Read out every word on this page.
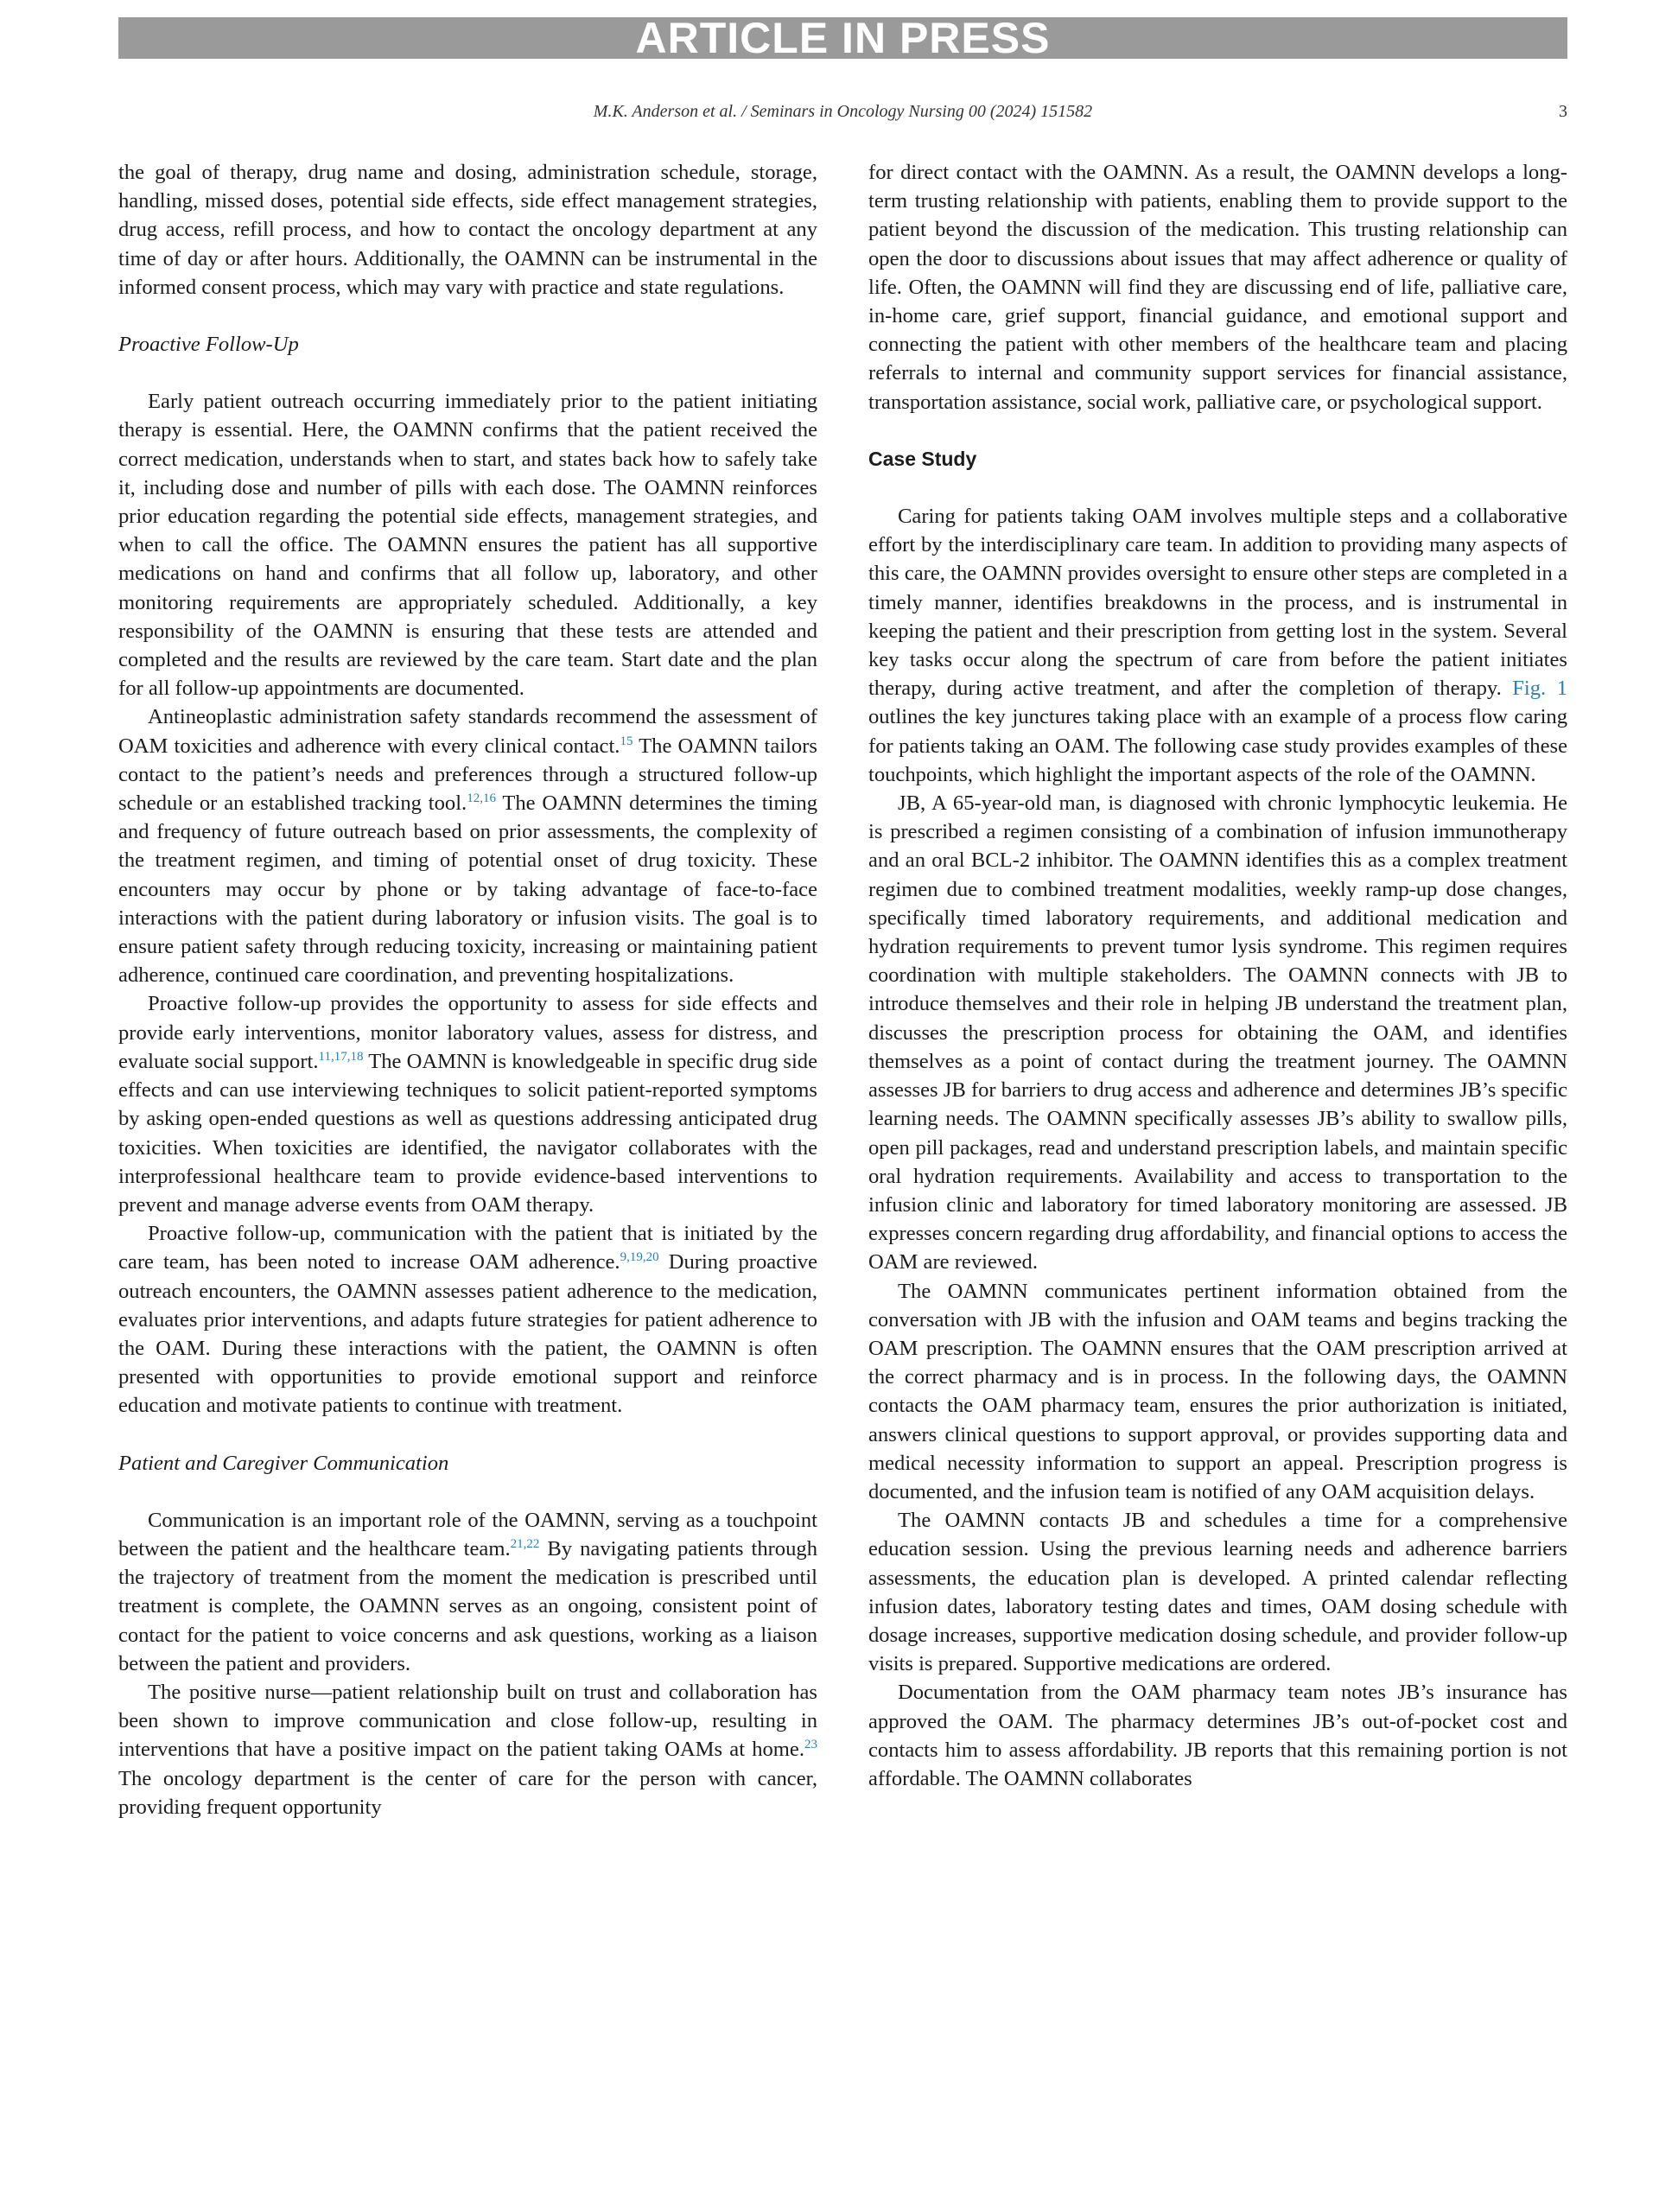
ARTICLE IN PRESS
M.K. Anderson et al. / Seminars in Oncology Nursing 00 (2024) 151582	3

the goal of therapy, drug name and dosing, administration schedule, storage, handling, missed doses, potential side effects, side effect management strategies, drug access, refill process, and how to contact the oncology department at any time of day or after hours. Additionally, the OAMNN can be instrumental in the informed consent process, which may vary with practice and state regulations.

Proactive Follow-Up

Early patient outreach occurring immediately prior to the patient initiating therapy is essential. Here, the OAMNN confirms that the patient received the correct medication, understands when to start, and states back how to safely take it, including dose and number of pills with each dose. The OAMNN reinforces prior education regarding the potential side effects, management strategies, and when to call the office. The OAMNN ensures the patient has all supportive medications on hand and confirms that all follow up, laboratory, and other monitoring requirements are appropriately scheduled. Additionally, a key responsibility of the OAMNN is ensuring that these tests are attended and completed and the results are reviewed by the care team. Start date and the plan for all follow-up appointments are documented.

Antineoplastic administration safety standards recommend the assessment of OAM toxicities and adherence with every clinical contact.$^{15}$ The OAMNN tailors contact to the patient’s needs and preferences through a structured follow-up schedule or an established tracking tool.$^{12,16}$ The OAMNN determines the timing and frequency of future outreach based on prior assessments, the complexity of the treatment regimen, and timing of potential onset of drug toxicity. These encounters may occur by phone or by taking advantage of face-to-face interactions with the patient during laboratory or infusion visits. The goal is to ensure patient safety through reducing toxicity, increasing or maintaining patient adherence, continued care coordination, and preventing hospitalizations.

Proactive follow-up provides the opportunity to assess for side effects and provide early interventions, monitor laboratory values, assess for distress, and evaluate social support.$^{11,17,18}$ The OAMNN is knowledgeable in specific drug side effects and can use interviewing techniques to solicit patient-reported symptoms by asking open-ended questions as well as questions addressing anticipated drug toxicities. When toxicities are identified, the navigator collaborates with the interprofessional healthcare team to provide evidence-based interventions to prevent and manage adverse events from OAM therapy.

Proactive follow-up, communication with the patient that is initiated by the care team, has been noted to increase OAM adherence.$^{9,19,20}$ During proactive outreach encounters, the OAMNN assesses patient adherence to the medication, evaluates prior interventions, and adapts future strategies for patient adherence to the OAM. During these interactions with the patient, the OAMNN is often presented with opportunities to provide emotional support and reinforce education and motivate patients to continue with treatment.

Patient and Caregiver Communication

Communication is an important role of the OAMNN, serving as a touchpoint between the patient and the healthcare team.$^{21,22}$ By navigating patients through the trajectory of treatment from the moment the medication is prescribed until treatment is complete, the OAMNN serves as an ongoing, consistent point of contact for the patient to voice concerns and ask questions, working as a liaison between the patient and providers.

The positive nurse—patient relationship built on trust and collaboration has been shown to improve communication and close follow-up, resulting in interventions that have a positive impact on the patient taking OAMs at home.$^{23}$ The oncology department is the center of care for the person with cancer, providing frequent opportunity

for direct contact with the OAMNN. As a result, the OAMNN develops a long-term trusting relationship with patients, enabling them to provide support to the patient beyond the discussion of the medication. This trusting relationship can open the door to discussions about issues that may affect adherence or quality of life. Often, the OAMNN will find they are discussing end of life, palliative care, in-home care, grief support, financial guidance, and emotional support and connecting the patient with other members of the healthcare team and placing referrals to internal and community support services for financial assistance, transportation assistance, social work, palliative care, or psychological support.

Case Study

Caring for patients taking OAM involves multiple steps and a collaborative effort by the interdisciplinary care team. In addition to providing many aspects of this care, the OAMNN provides oversight to ensure other steps are completed in a timely manner, identifies breakdowns in the process, and is instrumental in keeping the patient and their prescription from getting lost in the system. Several key tasks occur along the spectrum of care from before the patient initiates therapy, during active treatment, and after the completion of therapy. Fig. 1 outlines the key junctures taking place with an example of a process flow caring for patients taking an OAM. The following case study provides examples of these touchpoints, which highlight the important aspects of the role of the OAMNN.

JB, A 65-year-old man, is diagnosed with chronic lymphocytic leukemia. He is prescribed a regimen consisting of a combination of infusion immunotherapy and an oral BCL-2 inhibitor. The OAMNN identifies this as a complex treatment regimen due to combined treatment modalities, weekly ramp-up dose changes, specifically timed laboratory requirements, and additional medication and hydration requirements to prevent tumor lysis syndrome. This regimen requires coordination with multiple stakeholders. The OAMNN connects with JB to introduce themselves and their role in helping JB understand the treatment plan, discusses the prescription process for obtaining the OAM, and identifies themselves as a point of contact during the treatment journey. The OAMNN assesses JB for barriers to drug access and adherence and determines JB’s specific learning needs. The OAMNN specifically assesses JB’s ability to swallow pills, open pill packages, read and understand prescription labels, and maintain specific oral hydration requirements. Availability and access to transportation to the infusion clinic and laboratory for timed laboratory monitoring are assessed. JB expresses concern regarding drug affordability, and financial options to access the OAM are reviewed.

The OAMNN communicates pertinent information obtained from the conversation with JB with the infusion and OAM teams and begins tracking the OAM prescription. The OAMNN ensures that the OAM prescription arrived at the correct pharmacy and is in process. In the following days, the OAMNN contacts the OAM pharmacy team, ensures the prior authorization is initiated, answers clinical questions to support approval, or provides supporting data and medical necessity information to support an appeal. Prescription progress is documented, and the infusion team is notified of any OAM acquisition delays.

The OAMNN contacts JB and schedules a time for a comprehensive education session. Using the previous learning needs and adherence barriers assessments, the education plan is developed. A printed calendar reflecting infusion dates, laboratory testing dates and times, OAM dosing schedule with dosage increases, supportive medication dosing schedule, and provider follow-up visits is prepared. Supportive medications are ordered.

Documentation from the OAM pharmacy team notes JB’s insurance has approved the OAM. The pharmacy determines JB’s out-of-pocket cost and contacts him to assess affordability. JB reports that this remaining portion is not affordable. The OAMNN collaborates
